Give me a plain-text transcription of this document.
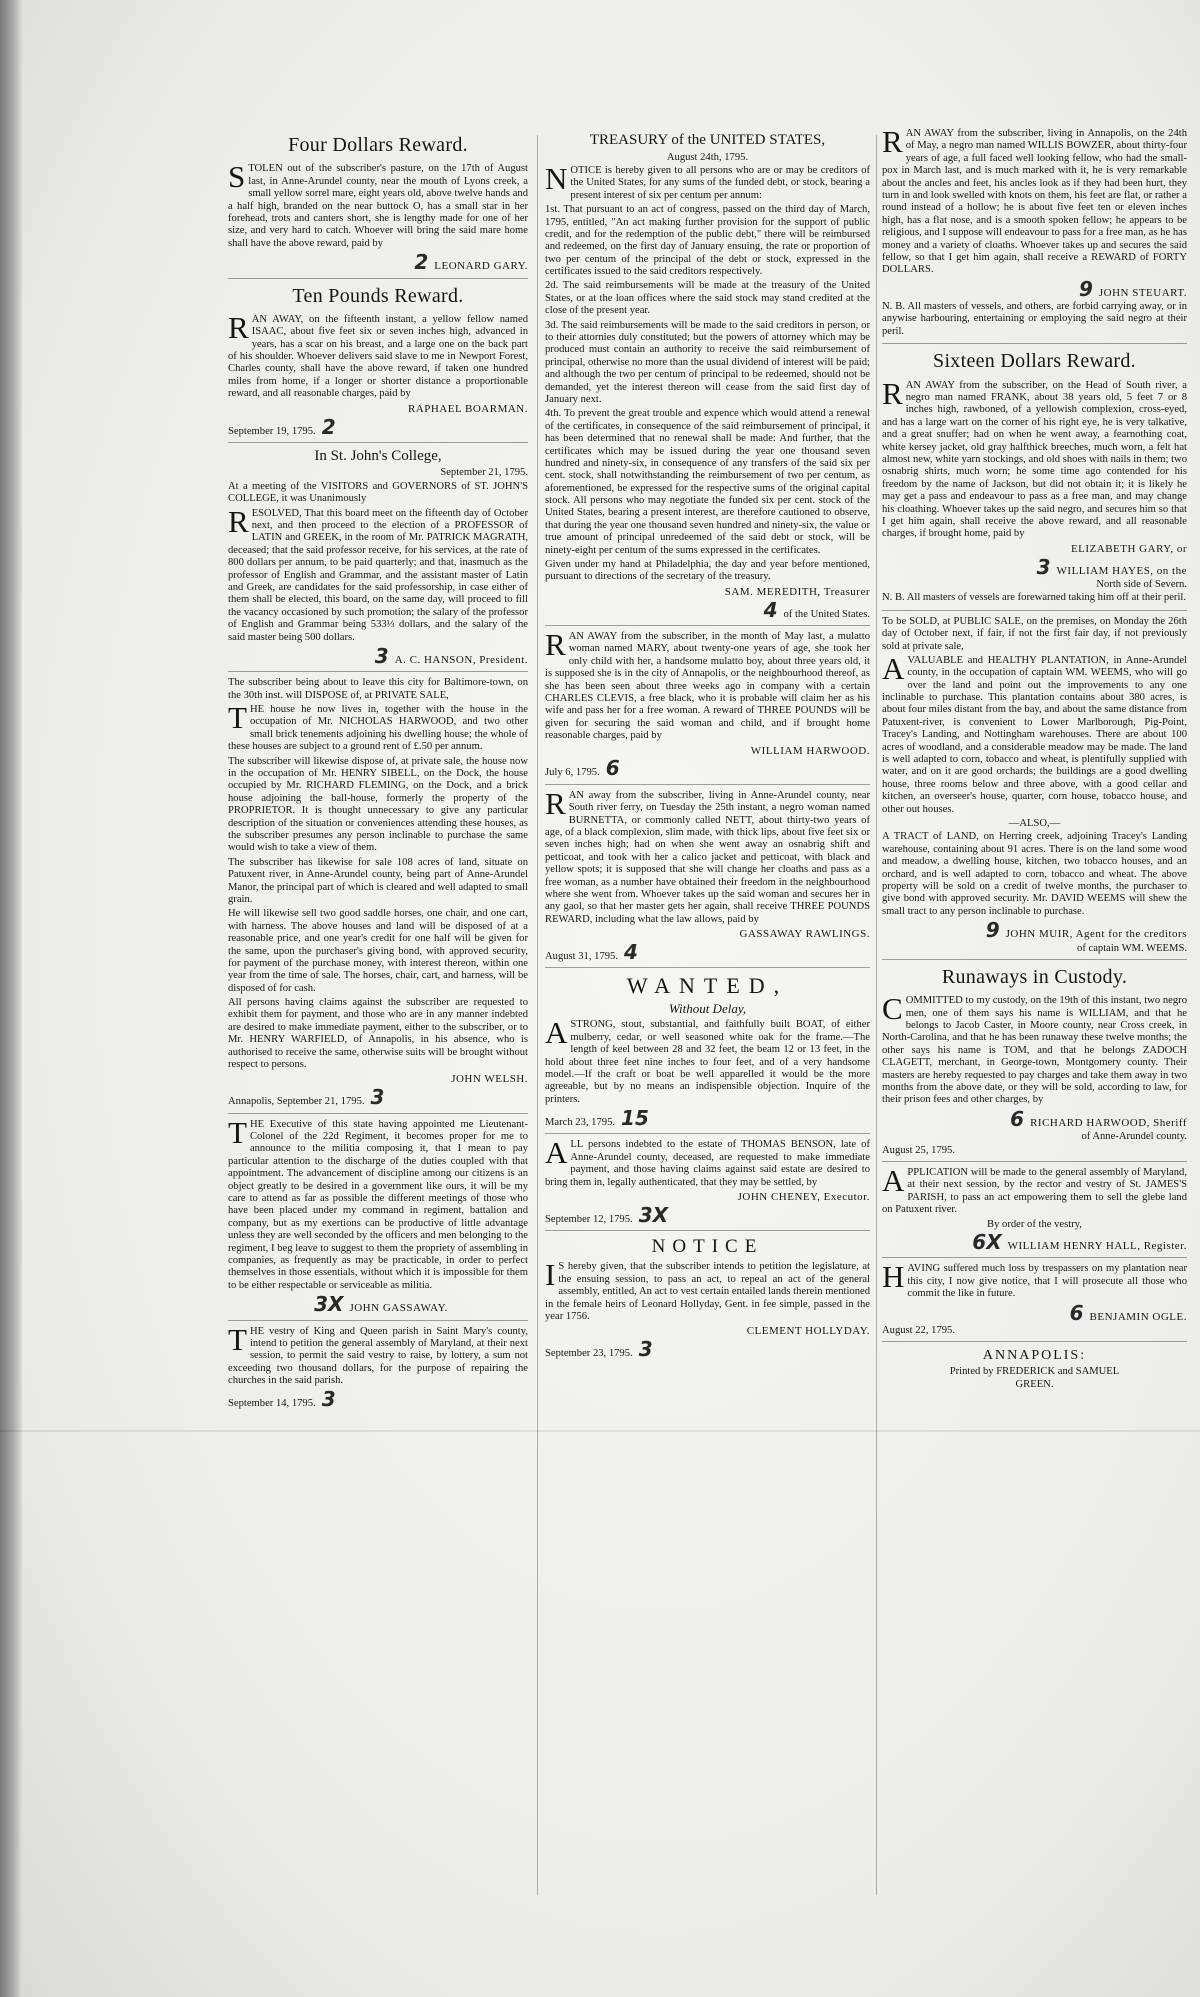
Four Dollars Reward.

STOLEN out of the subscriber's pasture, on the 17th of August last, in Anne-Arundel county, near the mouth of Lyons creek, a small yellow sorrel mare, eight years old, above twelve hands and a half high, branded on the near buttock O, has a small star in her forehead, trots and canters short, she is lengthy made for one of her size, and very hard to catch. Whoever will bring the said mare home shall have the above reward, paid by

2 LEONARD GARY.

Ten Pounds Reward.

RAN AWAY, on the fifteenth instant, a yellow fellow named ISAAC, about five feet six or seven inches high, advanced in years, has a scar on his breast, and a large one on the back part of his shoulder. Whoever delivers said slave to me in Newport Forest, Charles county, shall have the above reward, if taken one hundred miles from home, if a longer or shorter distance a proportionable reward, and all reasonable charges, paid by

RAPHAEL BOARMAN.

September 19, 1795. 2

In St. John's College,

September 21, 1795.

At a meeting of the VISITORS and GOVERNORS of ST. JOHN'S COLLEGE, it was Unanimously

RESOLVED, That this board meet on the fifteenth day of October next, and then proceed to the election of a PROFESSOR of LATIN and GREEK, in the room of Mr. PATRICK MAGRATH, deceased; that the said professor receive, for his services, at the rate of 800 dollars per annum, to be paid quarterly; and that, inasmuch as the professor of English and Grammar, and the assistant master of Latin and Greek, are candidates for the said professorship, in case either of them shall be elected, this board, on the same day, will proceed to fill the vacancy occasioned by such promotion; the salary of the professor of English and Grammar being 533⅓ dollars, and the salary of the said master being 500 dollars.

3 A. C. HANSON, President.

The subscriber being about to leave this city for Baltimore-town, on the 30th inst. will DISPOSE of, at PRIVATE SALE,

THE house he now lives in, together with the house in the occupation of Mr. NICHOLAS HARWOOD, and two other small brick tenements adjoining his dwelling house; the whole of these houses are subject to a ground rent of £.50 per annum.

The subscriber will likewise dispose of, at private sale, the house now in the occupation of Mr. HENRY SIBELL, on the Dock, the house occupied by Mr. RICHARD FLEMING, on the Dock, and a brick house adjoining the ball-house, formerly the property of the PROPRIETOR. It is thought unnecessary to give any particular description of the situation or conveniences attending these houses, as the subscriber presumes any person inclinable to purchase the same would wish to take a view of them.

The subscriber has likewise for sale 108 acres of land, situate on Patuxent river, in Anne-Arundel county, being part of Anne-Arundel Manor, the principal part of which is cleared and well adapted to small grain.

He will likewise sell two good saddle horses, one chair, and one cart, with harness. The above houses and land will be disposed of at a reasonable price, and one year's credit for one half will be given for the same, upon the purchaser's giving bond, with approved security, for payment of the purchase money, with interest thereon, within one year from the time of sale. The horses, chair, cart, and harness, will be disposed of for cash.

All persons having claims against the subscriber are requested to exhibit them for payment, and those who are in any manner indebted are desired to make immediate payment, either to the subscriber, or to Mr. HENRY WARFIELD, of Annapolis, in his absence, who is authorised to receive the same, otherwise suits will be brought without respect to persons.

JOHN WELSH.

Annapolis, September 21, 1795. 3

THE Executive of this state having appointed me Lieutenant-Colonel of the 22d Regiment, it becomes proper for me to announce to the militia composing it, that I mean to pay particular attention to the discharge of the duties coupled with that appointment. The advancement of discipline among our citizens is an object greatly to be desired in a government like ours, it will be my care to attend as far as possible the different meetings of those who have been placed under my command in regiment, battalion and company, but as my exertions can be productive of little advantage unless they are well seconded by the officers and men belonging to the regiment, I beg leave to suggest to them the propriety of assembling in companies, as frequently as may be practicable, in order to perfect themselves in those essentials, without which it is impossible for them to be either respectable or serviceable as militia.

3X JOHN GASSAWAY.

THE vestry of King and Queen parish in Saint Mary's county, intend to petition the general assembly of Maryland, at their next session, to permit the said vestry to raise, by lottery, a sum not exceeding two thousand dollars, for the purpose of repairing the churches in the said parish.

September 14, 1795. 3

TREASURY of the UNITED STATES,

August 24th, 1795.

NOTICE is hereby given to all persons who are or may be creditors of the United States, for any sums of the funded debt, or stock, bearing a present interest of six per centum per annum:

1st. That pursuant to an act of congress, passed on the third day of March, 1795, entitled, "An act making further provision for the support of public credit, and for the redemption of the public debt," there will be reimbursed and redeemed, on the first day of January ensuing, the rate or proportion of two per centum of the principal of the debt or stock, expressed in the certificates issued to the said creditors respectively.

2d. The said reimbursements will be made at the treasury of the United States, or at the loan offices where the said stock may stand credited at the close of the present year.

3d. The said reimbursements will be made to the said creditors in person, or to their attornies duly constituted; but the powers of attorney which may be produced must contain an authority to receive the said reimbursement of principal, otherwise no more than the usual dividend of interest will be paid; and although the two per centum of principal to be redeemed, should not be demanded, yet the interest thereon will cease from the said first day of January next.

4th. To prevent the great trouble and expence which would attend a renewal of the certificates, in consequence of the said reimbursement of principal, it has been determined that no renewal shall be made: And further, that the certificates which may be issued during the year one thousand seven hundred and ninety-six, in consequence of any transfers of the said six per cent. stock, shall notwithstanding the reimbursement of two per centum, as aforementioned, be expressed for the respective sums of the original capital stock. All persons who may negotiate the funded six per cent. stock of the United States, bearing a present interest, are therefore cautioned to observe, that during the year one thousand seven hundred and ninety-six, the value or true amount of principal unredeemed of the said debt or stock, will be ninety-eight per centum of the sums expressed in the certificates.

Given under my hand at Philadelphia, the day and year before mentioned, pursuant to directions of the secretary of the treasury.

SAM. MEREDITH, Treasurer

4 of the United States.

RAN AWAY from the subscriber, in the month of May last, a mulatto woman named MARY, about twenty-one years of age, she took her only child with her, a handsome mulatto boy, about three years old, it is supposed she is in the city of Annapolis, or the neighbourhood thereof, as she has been seen about three weeks ago in company with a certain CHARLES CLEVIS, a free black, who it is probable will claim her as his wife and pass her for a free woman. A reward of THREE POUNDS will be given for securing the said woman and child, and if brought home reasonable charges, paid by

WILLIAM HARWOOD.

July 6, 1795. 6

RAN away from the subscriber, living in Anne-Arundel county, near South river ferry, on Tuesday the 25th instant, a negro woman named BURNETTA, or commonly called NETT, about thirty-two years of age, of a black complexion, slim made, with thick lips, about five feet six or seven inches high; had on when she went away an osnabrig shift and petticoat, and took with her a calico jacket and petticoat, with black and yellow spots; it is supposed that she will change her cloaths and pass as a free woman, as a number have obtained their freedom in the neighbourhood where she went from. Whoever takes up the said woman and secures her in any gaol, so that her master gets her again, shall receive THREE POUNDS REWARD, including what the law allows, paid by

GASSAWAY RAWLINGS.

August 31, 1795. 4

WANTED,
Without Delay,

ASTRONG, stout, substantial, and faithfully built BOAT, of either mulberry, cedar, or well seasoned white oak for the frame.—The length of keel between 28 and 32 feet, the beam 12 or 13 feet, in the hold about three feet nine inches to four feet, and of a very handsome model.—If the craft or boat be well apparelled it would be the more agreeable, but by no means an indispensible objection. Inquire of the printers.

March 23, 1795. 15

ALL persons indebted to the estate of THOMAS BENSON, late of Anne-Arundel county, deceased, are requested to make immediate payment, and those having claims against said estate are desired to bring them in, legally authenticated, that they may be settled, by

JOHN CHENEY, Executor.

September 12, 1795. 3X

NOTICE

IS hereby given, that the subscriber intends to petition the legislature, at the ensuing session, to pass an act, to repeal an act of the general assembly, entitled, An act to vest certain entailed lands therein mentioned in the female heirs of Leonard Hollyday, Gent. in fee simple, passed in the year 1756.

CLEMENT HOLLYDAY.

September 23, 1795. 3

RAN AWAY from the subscriber, living in Annapolis, on the 24th of May, a negro man named WILLIS BOWZER, about thirty-four years of age, a full faced well looking fellow, who had the small-pox in March last, and is much marked with it, he is very remarkable about the ancles and feet, his ancles look as if they had been hurt, they turn in and look swelled with knots on them, his feet are flat, or rather a round instead of a hollow; he is about five feet ten or eleven inches high, has a flat nose, and is a smooth spoken fellow; he appears to be religious, and I suppose will endeavour to pass for a free man, as he has money and a variety of cloaths. Whoever takes up and secures the said fellow, so that I get him again, shall receive a REWARD of FORTY DOLLARS.

9 JOHN STEUART.

N. B. All masters of vessels, and others, are forbid carrying away, or in anywise harbouring, entertaining or employing the said negro at their peril.

Sixteen Dollars Reward.

RAN AWAY from the subscriber, on the Head of South river, a negro man named FRANK, about 38 years old, 5 feet 7 or 8 inches high, rawboned, of a yellowish complexion, cross-eyed, and has a large wart on the corner of his right eye, he is very talkative, and a great snuffer; had on when he went away, a fearnothing coat, white kersey jacket, old gray halfthick breeches, much worn, a felt hat almost new, white yarn stockings, and old shoes with nails in them; two osnabrig shirts, much worn; he some time ago contended for his freedom by the name of Jackson, but did not obtain it; it is likely he may get a pass and endeavour to pass as a free man, and may change his cloathing. Whoever takes up the said negro, and secures him so that I get him again, shall receive the above reward, and all reasonable charges, if brought home, paid by

ELIZABETH GARY, or

3 WILLIAM HAYES, on the

North side of Severn.

N. B. All masters of vessels are forewarned taking him off at their peril.

To be SOLD, at PUBLIC SALE, on the premises, on Monday the 26th day of October next, if fair, if not the first fair day, if not previously sold at private sale,

AVALUABLE and HEALTHY PLANTATION, in Anne-Arundel county, in the occupation of captain WM. WEEMS, who will go over the land and point out the improvements to any one inclinable to purchase. This plantation contains about 380 acres, is about four miles distant from the bay, and about the same distance from Patuxent-river, is convenient to Lower Marlborough, Pig-Point, Tracey's Landing, and Nottingham warehouses. There are about 100 acres of woodland, and a considerable meadow may be made. The land is well adapted to corn, tobacco and wheat, is plentifully supplied with water, and on it are good orchards; the buildings are a good dwelling house, three rooms below and three above, with a good cellar and kitchen, an overseer's house, quarter, corn house, tobacco house, and other out houses.

—ALSO,—

A TRACT of LAND, on Herring creek, adjoining Tracey's Landing warehouse, containing about 91 acres. There is on the land some wood and meadow, a dwelling house, kitchen, two tobacco houses, and an orchard, and is well adapted to corn, tobacco and wheat. The above property will be sold on a credit of twelve months, the purchaser to give bond with approved security. Mr. DAVID WEEMS will shew the small tract to any person inclinable to purchase.

9 JOHN MUIR, Agent for the creditors

of captain WM. WEEMS.

Runaways in Custody.

COMMITTED to my custody, on the 19th of this instant, two negro men, one of them says his name is WILLIAM, and that he belongs to Jacob Caster, in Moore county, near Cross creek, in North-Carolina, and that he has been runaway these twelve months; the other says his name is TOM, and that he belongs ZADOCH CLAGETT, merchant, in George-town, Montgomery county. Their masters are hereby requested to pay charges and take them away in two months from the above date, or they will be sold, according to law, for their prison fees and other charges, by

6 RICHARD HARWOOD, Sheriff

of Anne-Arundel county.

August 25, 1795.

APPLICATION will be made to the general assembly of Maryland, at their next session, by the rector and vestry of St. JAMES'S PARISH, to pass an act empowering them to sell the glebe land on Patuxent river.

By order of the vestry,

6X WILLIAM HENRY HALL, Register.

HAVING suffered much loss by trespassers on my plantation near this city, I now give notice, that I will prosecute all those who commit the like in future.

6 BENJAMIN OGLE.

August 22, 1795.

ANNAPOLIS:

Printed by FREDERICK and SAMUEL

GREEN.
